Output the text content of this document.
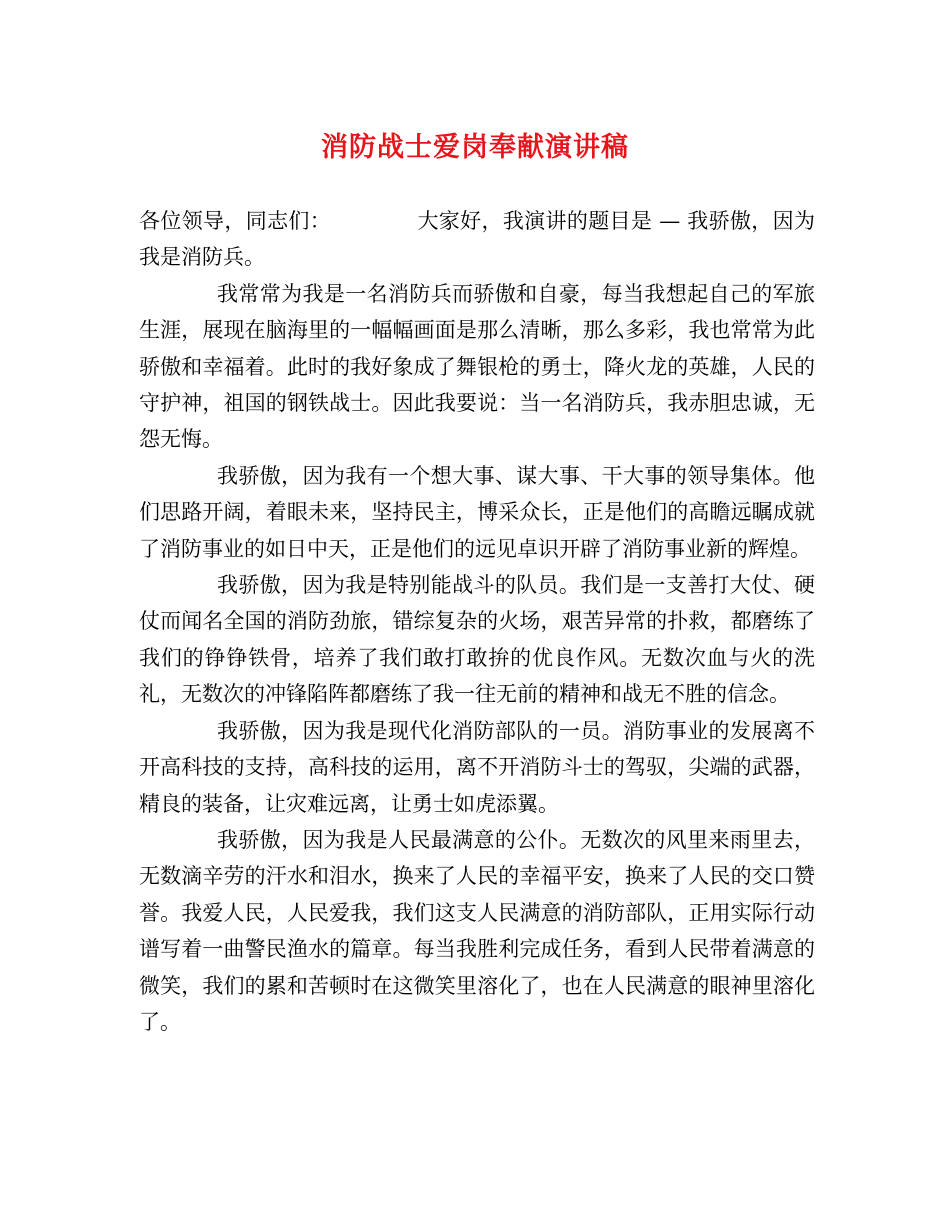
消防战士爱岗奉献演讲稿

各位领导，同志们：	大家好，我演讲的题目是 — 我骄傲，因为我是消防兵。

我常常为我是一名消防兵而骄傲和自豪，每当我想起自己的军旅生涯，展现在脑海里的一幅幅画面是那么清晰，那么多彩，我也常常为此骄傲和幸福着。此时的我好象成了舞银枪的勇士，降火龙的英雄，人民的守护神，祖国的钢铁战士。因此我要说：当一名消防兵，我赤胆忠诚，无怨无悔。

我骄傲，因为我有一个想大事、谋大事、干大事的领导集体。他们思路开阔，着眼未来，坚持民主，博采众长，正是他们的高瞻远瞩成就了消防事业的如日中天，正是他们的远见卓识开辟了消防事业新的辉煌。

我骄傲，因为我是特别能战斗的队员。我们是一支善打大仗、硬仗而闻名全国的消防劲旅，错综复杂的火场，艰苦异常的扑救，都磨练了我们的铮铮铁骨，培养了我们敢打敢拚的优良作风。无数次血与火的洗礼，无数次的冲锋陷阵都磨练了我一往无前的精神和战无不胜的信念。

我骄傲，因为我是现代化消防部队的一员。消防事业的发展离不开高科技的支持，高科技的运用，离不开消防斗士的驾驭，尖端的武器，精良的装备，让灾难远离，让勇士如虎添翼。

我骄傲，因为我是人民最满意的公仆。无数次的风里来雨里去，无数滴辛劳的汗水和泪水，换来了人民的幸福平安，换来了人民的交口赞誉。我爱人民，人民爱我，我们这支人民满意的消防部队，正用实际行动谱写着一曲警民渔水的篇章。每当我胜利完成任务，看到人民带着满意的微笑，我们的累和苦顿时在这微笑里溶化了，也在人民满意的眼神里溶化了。
